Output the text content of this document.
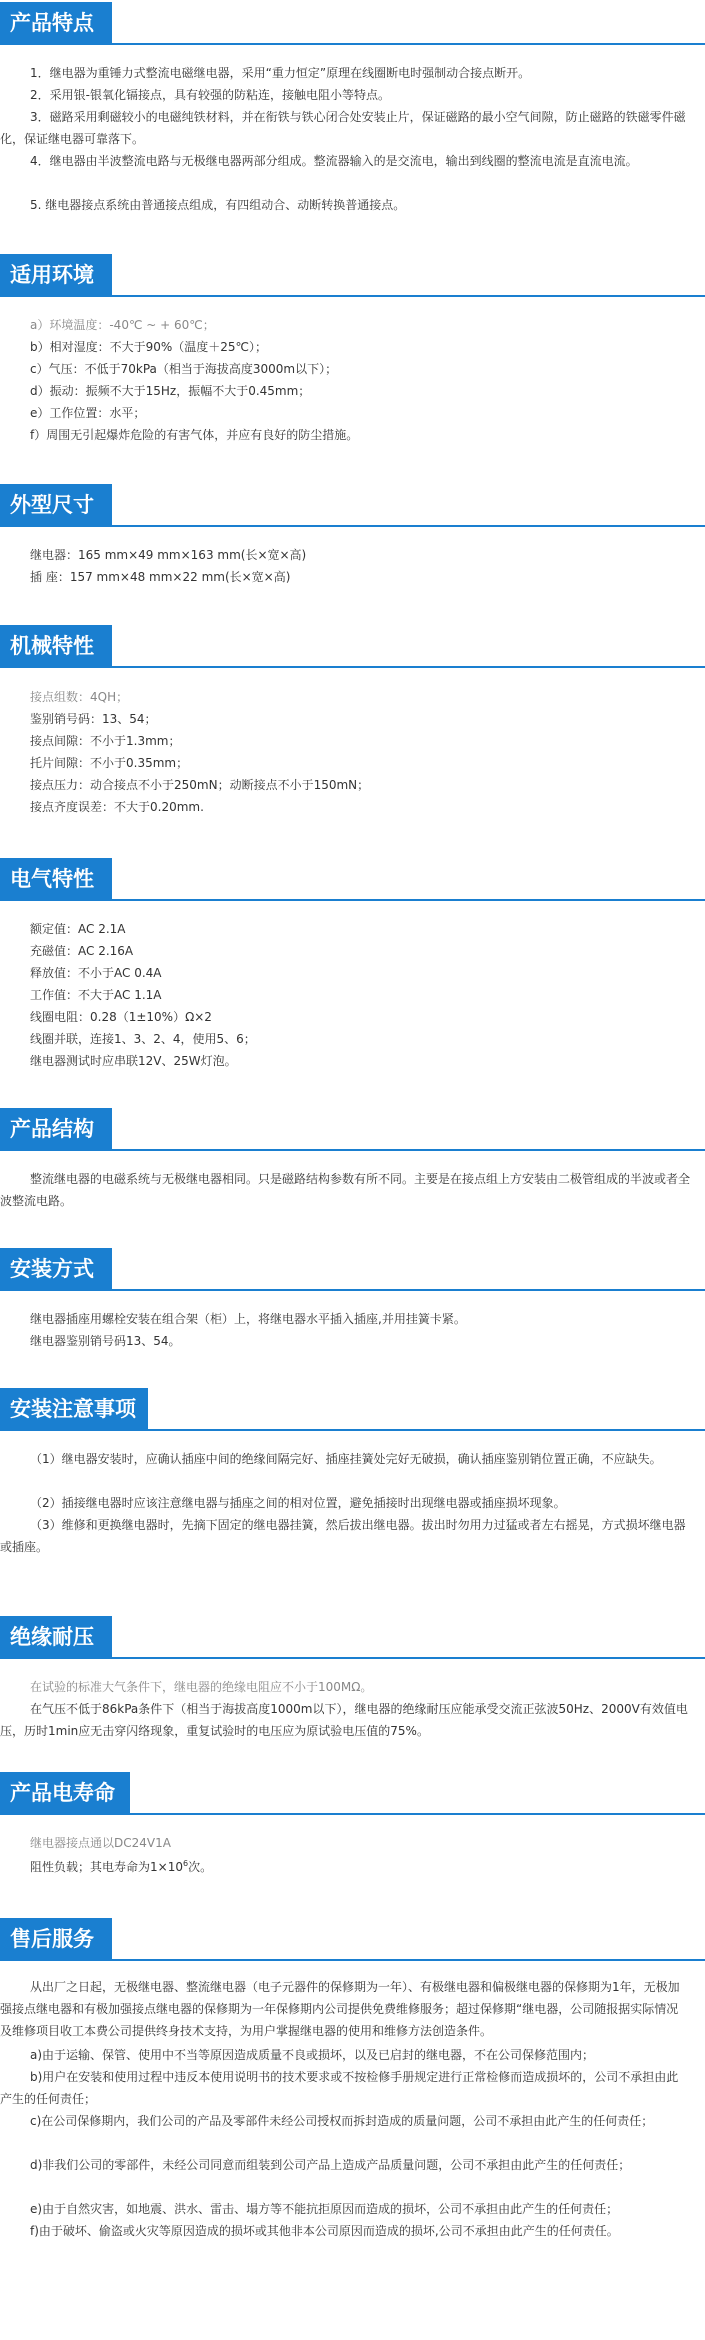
产品特点
1．继电器为重锤力式整流电磁继电器，采用“重力恒定”原理在线圈断电时强制动合接点断开。
2．采用银-银氧化镉接点，具有较强的防粘连，接触电阻小等特点。
3．磁路采用剩磁较小的电磁纯铁材料，并在衔铁与铁心闭合处安装止片，保证磁路的最小空气间隙，防止磁路的铁磁零件磁化，保证继电器可靠落下。
4．继电器由半波整流电路与无极继电器两部分组成。整流器输入的是交流电，输出到线圈的整流电流是直流电流。
5. 继电器接点系统由普通接点组成，有四组动合、动断转换普通接点。
适用环境
a）环境温度：-40℃ ~ + 60℃；
b）相对湿度：不大于90%（温度＋25℃）；
c）气压：不低于70kPa（相当于海拔高度3000m以下）；
d）振动：振频不大于15Hz，振幅不大于0.45mm；
e）工作位置：水平；
f）周围无引起爆炸危险的有害气体，并应有良好的防尘措施。
外型尺寸
继电器：165 mm×49 mm×163 mm(长×宽×高)
插 座：157 mm×48 mm×22 mm(长×宽×高)
机械特性
接点组数：4QH；
鉴别销号码：13、54；
接点间隙：不小于1.3mm；
托片间隙：不小于0.35mm；
接点压力：动合接点不小于250mN；动断接点不小于150mN；
接点齐度误差：不大于0.20mm.
电气特性
额定值：AC 2.1A
充磁值：AC 2.16A
释放值：不小于AC 0.4A
工作值：不大于AC 1.1A
线圈电阻：0.28（1±10%）Ω×2
线圈并联，连接1、3、2、4，使用5、6；
继电器测试时应串联12V、25W灯泡。
产品结构
整流继电器的电磁系统与无极继电器相同。只是磁路结构参数有所不同。主要是在接点组上方安装由二极管组成的半波或者全波整流电路。
安装方式
继电器插座用螺栓安装在组合架（柜）上，将继电器水平插入插座,并用挂簧卡紧。
继电器鉴别销号码13、54。
安装注意事项
（1）继电器安装时，应确认插座中间的绝缘间隔完好、插座挂簧处完好无破损，确认插座鉴别销位置正确，不应缺失。
（2）插接继电器时应该注意继电器与插座之间的相对位置，避免插接时出现继电器或插座损坏现象。
（3）维修和更换继电器时，先摘下固定的继电器挂簧，然后拔出继电器。拔出时勿用力过猛或者左右摇晃，方式损坏继电器或插座。
绝缘耐压
在试验的标准大气条件下，继电器的绝缘电阻应不小于100MΩ。
在气压不低于86kPa条件下（相当于海拔高度1000m以下），继电器的绝缘耐压应能承受交流正弦波50Hz、2000V有效值电压，历时1min应无击穿闪络现象，重复试验时的电压应为原试验电压值的75%。
产品电寿命
继电器接点通以DC24V1A
阻性负载；其电寿命为$1\times 10^6$次。
售后服务
从出厂之日起，无极继电器、整流继电器（电子元器件的保修期为一年）、有极继电器和偏极继电器的保修期为1年，无极加强接点继电器和有极加强接点继电器的保修期为一年保修期内公司提供免费维修服务；超过保修期“继电器，公司随报据实际情况及维修项目收工本费公司提供终身技术支持，为用户掌握继电器的使用和维修方法创造条件。
a)由于运输、保管、使用中不当等原因造成质量不良或损坏，以及已启封的继电器，不在公司保修范围内；
b)用户在安装和使用过程中违反本使用说明书的技术要求或不按检修手册规定进行正常检修而造成损坏的，公司不承担由此产生的任何责任；
c)在公司保修期内，我们公司的产品及零部件未经公司授权而拆封造成的质量问题，公司不承担由此产生的任何责任；
d)非我们公司的零部件，未经公司同意而组装到公司产品上造成产品质量问题，公司不承担由此产生的任何责任；
e)由于自然灾害，如地震、洪水、雷击、塌方等不能抗拒原因而造成的损坏，公司不承担由此产生的任何责任；
f)由于破坏、偷盗或火灾等原因造成的损坏或其他非本公司原因而造成的损坏,公司不承担由此产生的任何责任。
